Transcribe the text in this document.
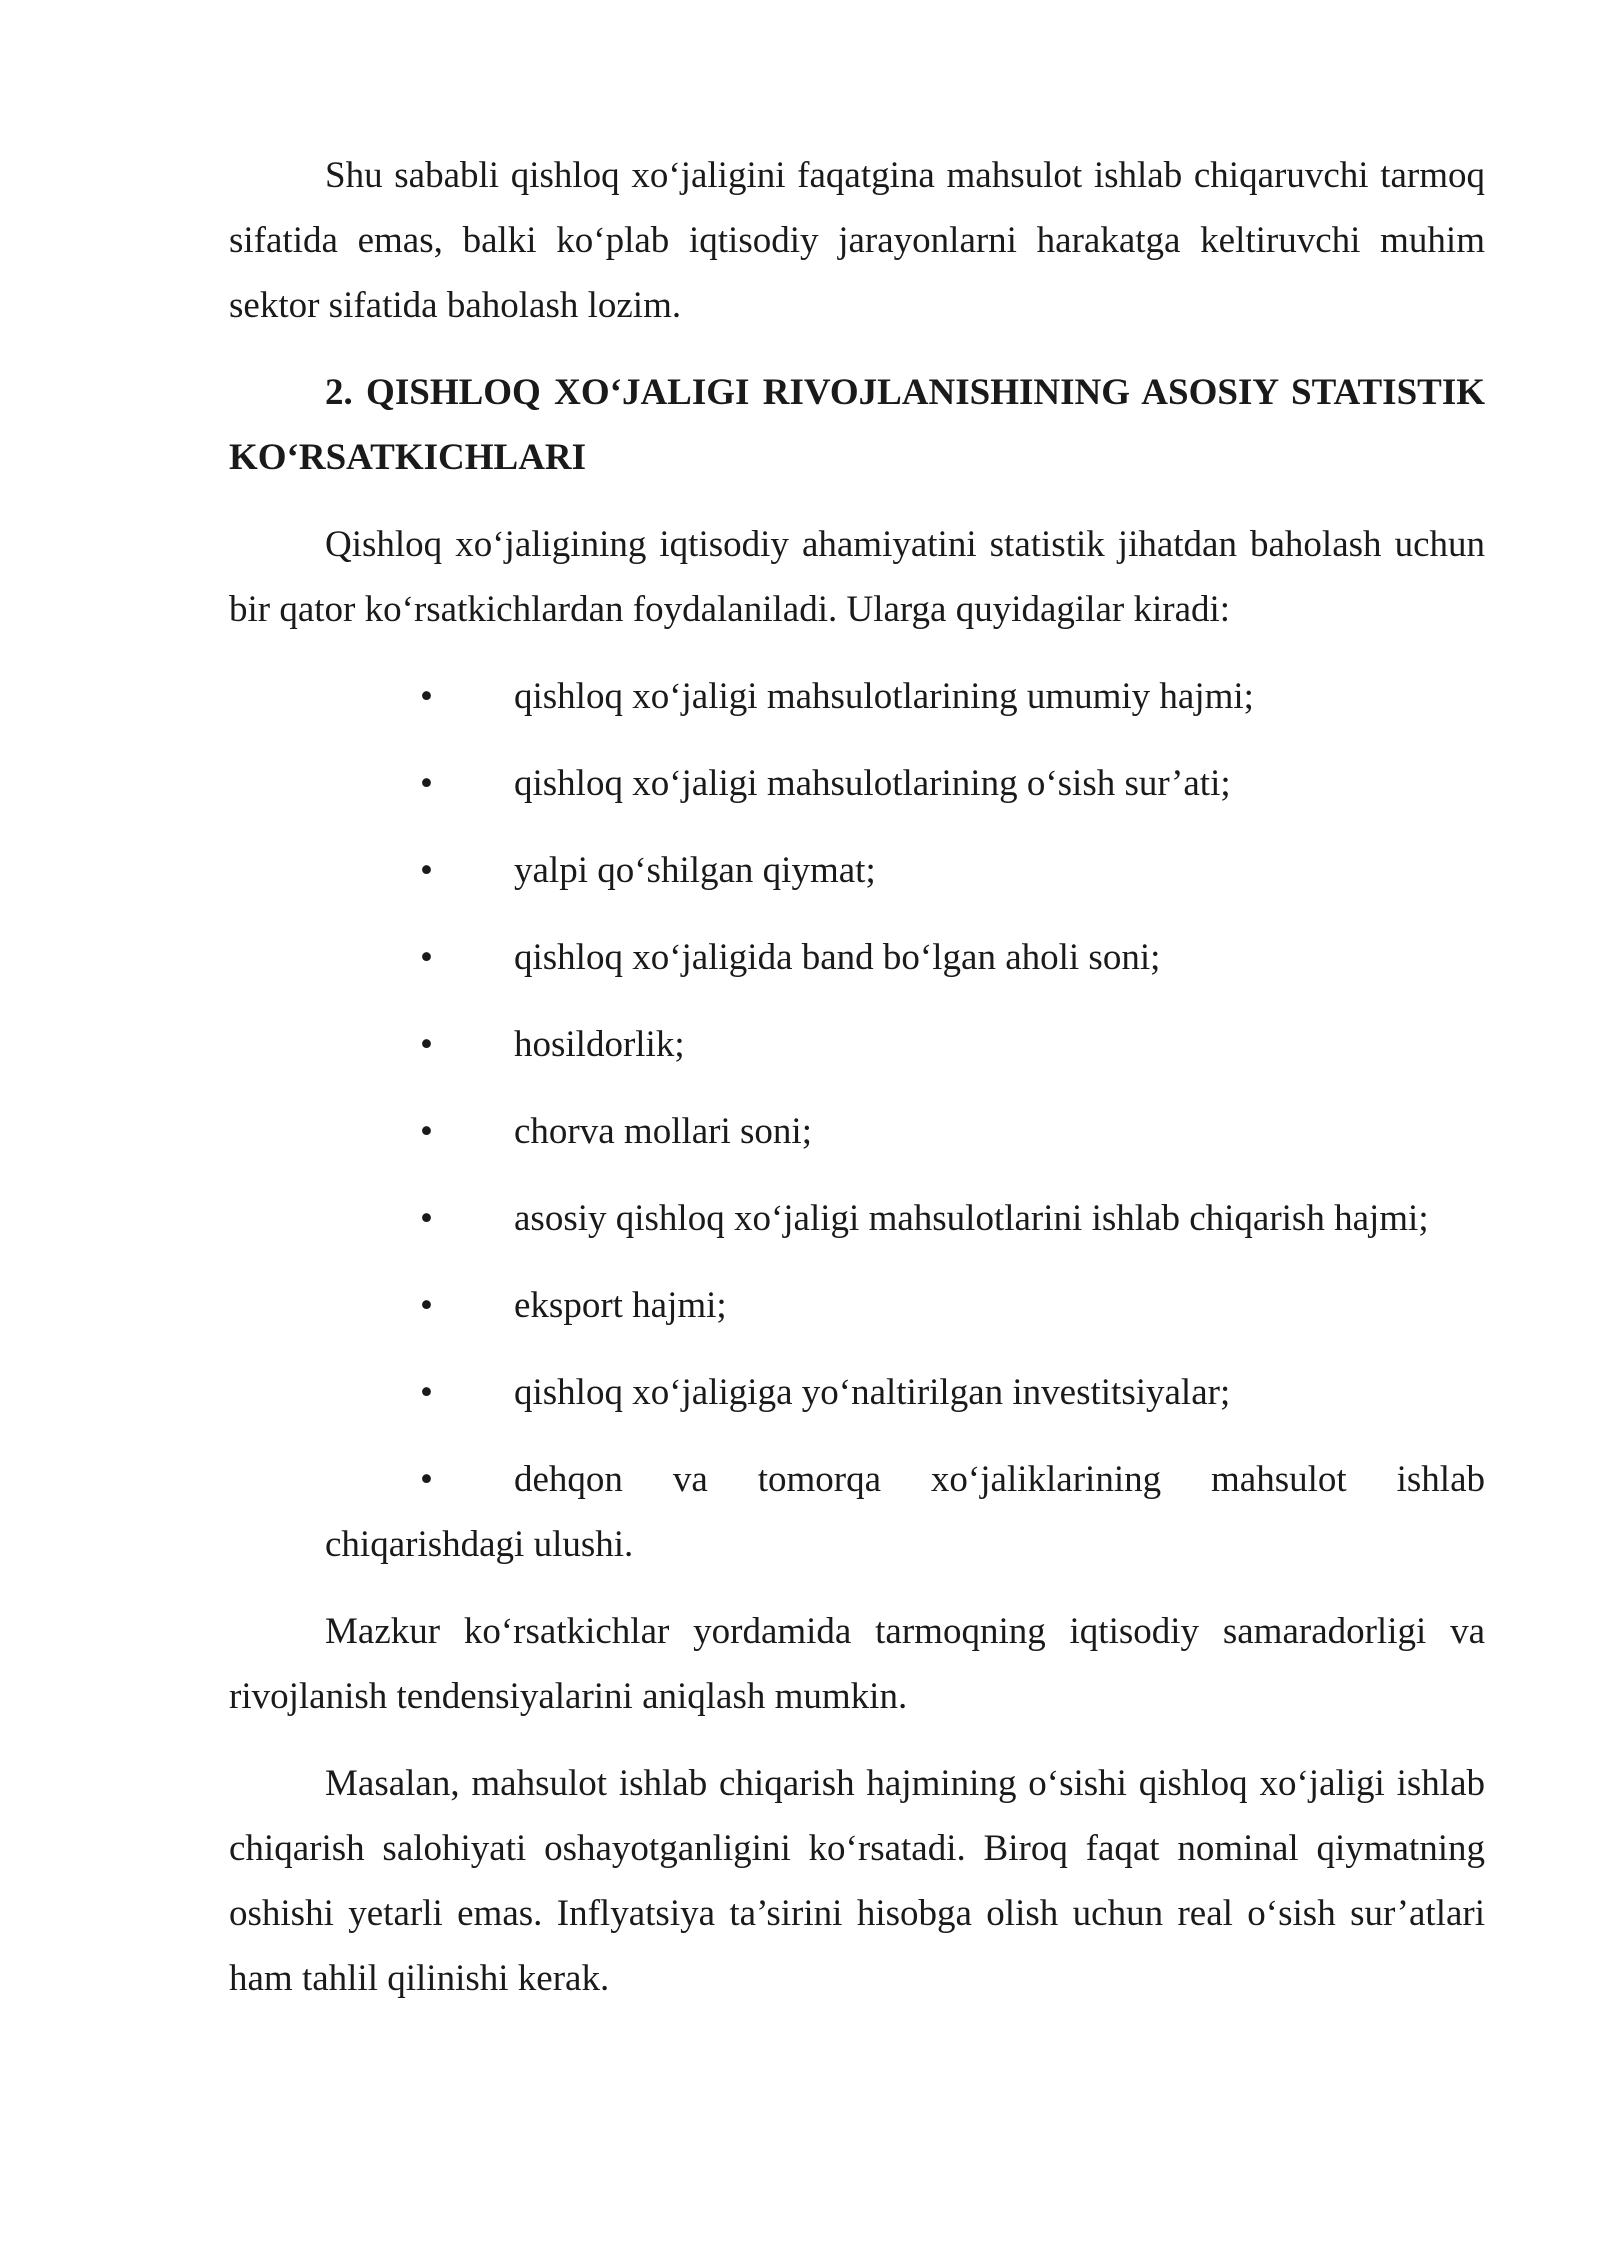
Shu sababli qishloq xo‘jaligini faqatgina mahsulot ishlab chiqaruvchi tarmoq sifatida emas, balki ko‘plab iqtisodiy jarayonlarni harakatga keltiruvchi muhim sektor sifatida baholash lozim.

2. QISHLOQ XO‘JALIGI RIVOJLANISHINING ASOSIY STATISTIK KO‘RSATKICHLARI

Qishloq xo‘jaligining iqtisodiy ahamiyatini statistik jihatdan baholash uchun bir qator ko‘rsatkichlardan foydalaniladi. Ularga quyidagilar kiradi:

• qishloq xo‘jaligi mahsulotlarining umumiy hajmi;
• qishloq xo‘jaligi mahsulotlarining o‘sish sur’ati;
• yalpi qo‘shilgan qiymat;
• qishloq xo‘jaligida band bo‘lgan aholi soni;
• hosildorlik;
• chorva mollari soni;
• asosiy qishloq xo‘jaligi mahsulotlarini ishlab chiqarish hajmi;
• eksport hajmi;
• qishloq xo‘jaligiga yo‘naltirilgan investitsiyalar;
•	dehqon va tomorqa xo‘jaliklarining mahsulot ishlab
chiqarishdagi ulushi.

Mazkur ko‘rsatkichlar yordamida tarmoqning iqtisodiy samaradorligi va rivojlanish tendensiyalarini aniqlash mumkin.

Masalan, mahsulot ishlab chiqarish hajmining o‘sishi qishloq xo‘jaligi ishlab chiqarish salohiyati oshayotganligini ko‘rsatadi. Biroq faqat nominal qiymatning oshishi yetarli emas. Inflyatsiya ta’sirini hisobga olish uchun real o‘sish sur’atlari ham tahlil qilinishi kerak.
